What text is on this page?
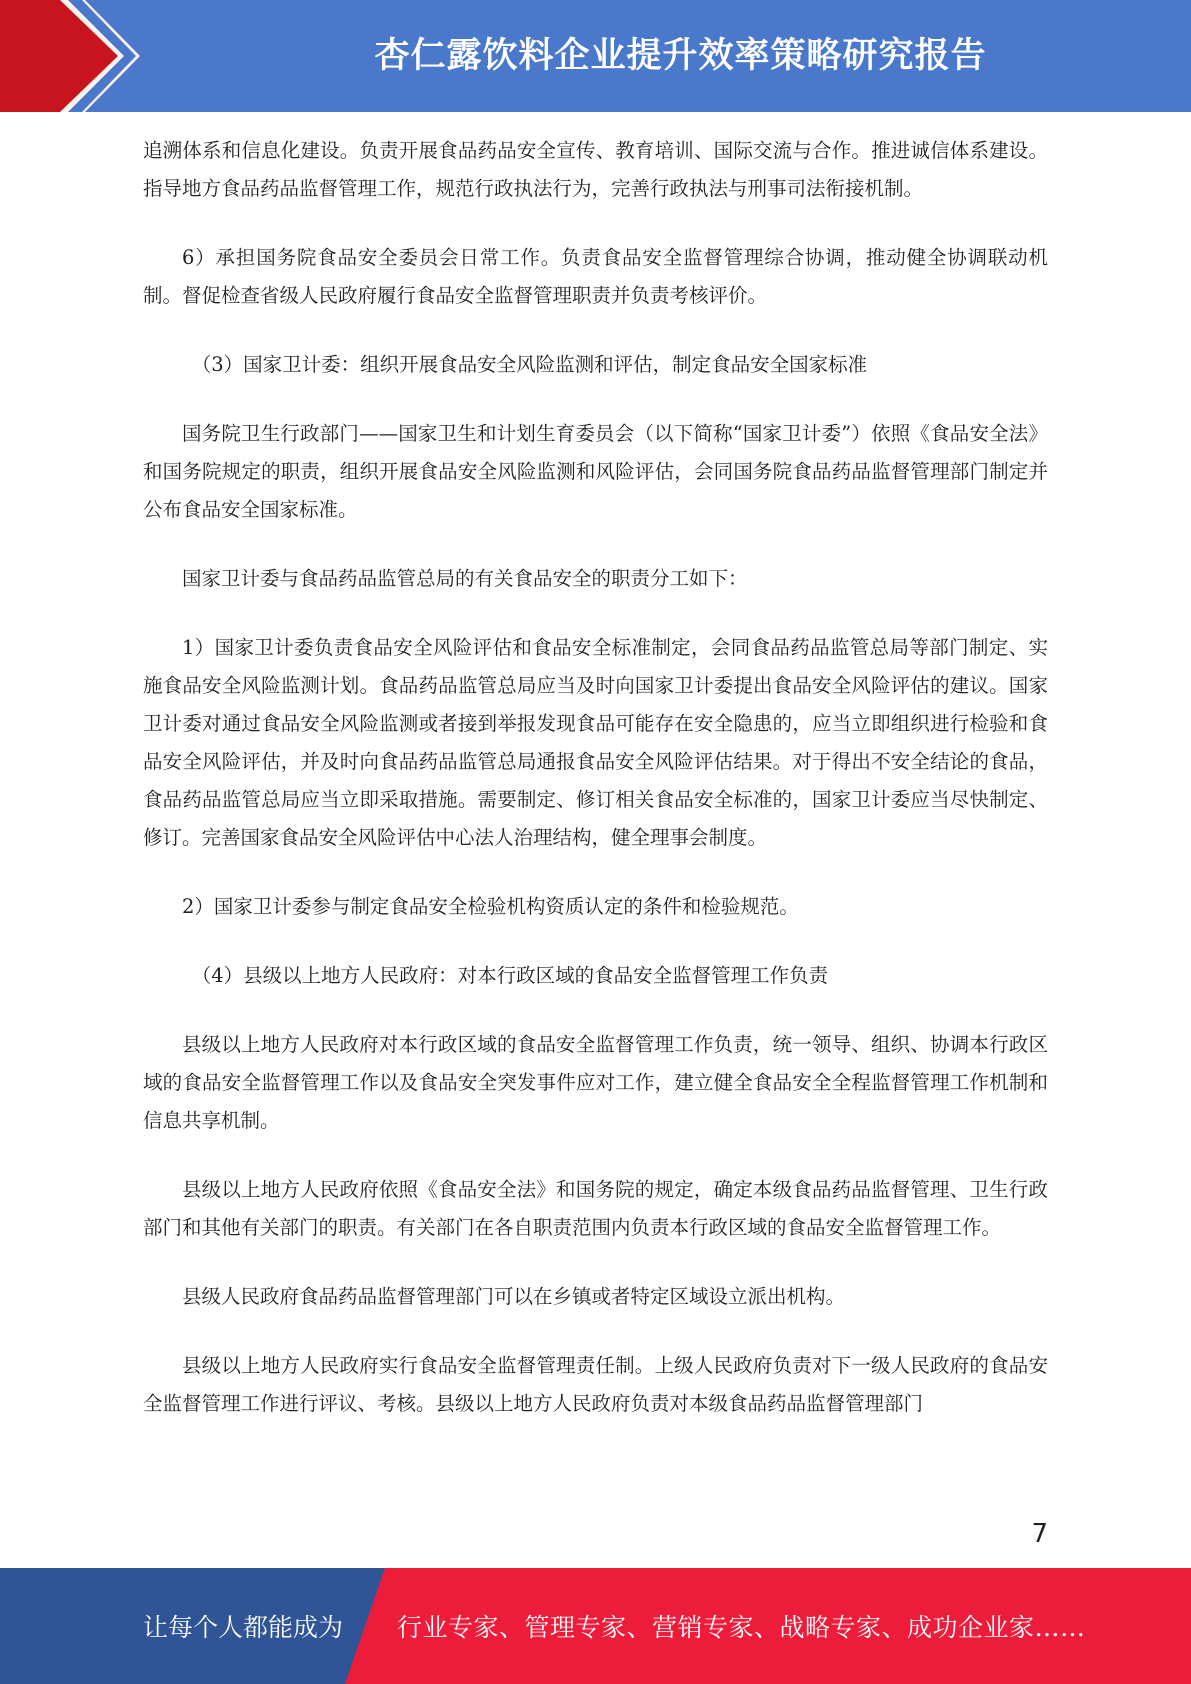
杏仁露饮料企业提升效率策略研究报告

追溯体系和信息化建设。负责开展食品药品安全宣传、教育培训、国际交流与合作。推进诚信体系建设。指导地方食品药品监督管理工作，规范行政执法行为，完善行政执法与刑事司法衔接机制。

6）承担国务院食品安全委员会日常工作。负责食品安全监督管理综合协调，推动健全协调联动机制。督促检查省级人民政府履行食品安全监督管理职责并负责考核评价。

（3）国家卫计委：组织开展食品安全风险监测和评估，制定食品安全国家标准

国务院卫生行政部门——国家卫生和计划生育委员会（以下简称“国家卫计委”）依照《食品安全法》和国务院规定的职责，组织开展食品安全风险监测和风险评估，会同国务院食品药品监督管理部门制定并公布食品安全国家标准。

国家卫计委与食品药品监管总局的有关食品安全的职责分工如下：

1）国家卫计委负责食品安全风险评估和食品安全标准制定，会同食品药品监管总局等部门制定、实施食品安全风险监测计划。食品药品监管总局应当及时向国家卫计委提出食品安全风险评估的建议。国家卫计委对通过食品安全风险监测或者接到举报发现食品可能存在安全隐患的，应当立即组织进行检验和食品安全风险评估，并及时向食品药品监管总局通报食品安全风险评估结果。对于得出不安全结论的食品，食品药品监管总局应当立即采取措施。需要制定、修订相关食品安全标准的，国家卫计委应当尽快制定、修订。完善国家食品安全风险评估中心法人治理结构，健全理事会制度。

2）国家卫计委参与制定食品安全检验机构资质认定的条件和检验规范。

（4）县级以上地方人民政府：对本行政区域的食品安全监督管理工作负责

县级以上地方人民政府对本行政区域的食品安全监督管理工作负责，统一领导、组织、协调本行政区域的食品安全监督管理工作以及食品安全突发事件应对工作，建立健全食品安全全程监督管理工作机制和信息共享机制。

县级以上地方人民政府依照《食品安全法》和国务院的规定，确定本级食品药品监督管理、卫生行政部门和其他有关部门的职责。有关部门在各自职责范围内负责本行政区域的食品安全监督管理工作。

县级人民政府食品药品监督管理部门可以在乡镇或者特定区域设立派出机构。

县级以上地方人民政府实行食品安全监督管理责任制。上级人民政府负责对下一级人民政府的食品安全监督管理工作进行评议、考核。县级以上地方人民政府负责对本级食品药品监督管理部门

7
让每个人都能成为 行业专家、管理专家、营销专家、战略专家、成功企业家……
